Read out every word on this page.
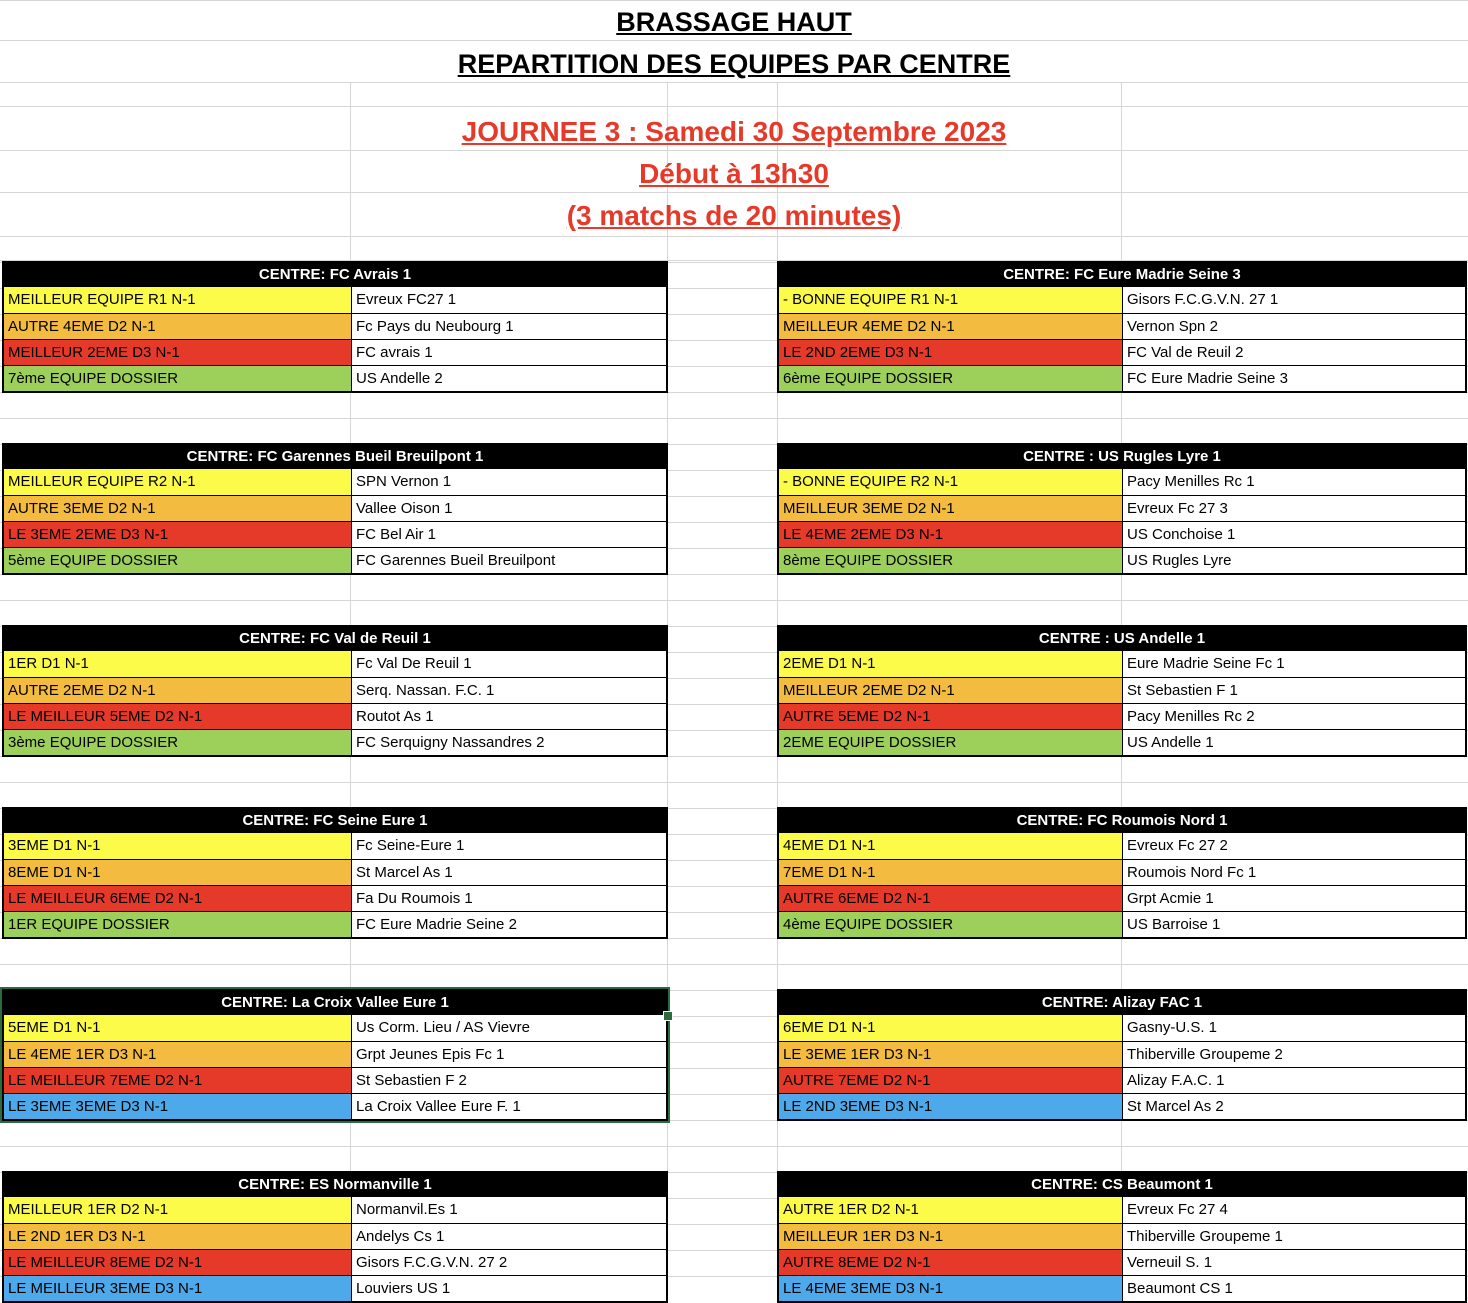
BRASSAGE HAUT
REPARTITION DES EQUIPES PAR CENTRE
JOURNEE 3 : Samedi 30 Septembre 2023
Début à 13h30
(3 matchs de 20 minutes)
CENTRE: FC Avrais 1
MEILLEUR EQUIPE R1 N-1	Evreux FC27 1
AUTRE 4EME D2 N-1	Fc Pays du Neubourg 1
MEILLEUR 2EME D3 N-1	FC avrais 1
7ème EQUIPE DOSSIER	US Andelle 2
CENTRE: FC Eure Madrie Seine 3
- BONNE EQUIPE R1 N-1	Gisors F.C.G.V.N. 27 1
MEILLEUR 4EME D2 N-1	Vernon Spn 2
LE 2ND 2EME D3 N-1	FC Val de Reuil 2
6ème EQUIPE DOSSIER	FC Eure Madrie Seine 3
CENTRE: FC Garennes Bueil Breuilpont 1
MEILLEUR EQUIPE R2 N-1	SPN Vernon 1
AUTRE 3EME D2 N-1	Vallee Oison 1
LE 3EME 2EME D3 N-1	FC Bel Air 1
5ème EQUIPE DOSSIER	FC Garennes Bueil Breuilpont
CENTRE : US Rugles Lyre 1
- BONNE EQUIPE R2 N-1	Pacy Menilles Rc 1
MEILLEUR 3EME D2 N-1	Evreux Fc 27 3
LE 4EME 2EME D3 N-1	US Conchoise 1
8ème EQUIPE DOSSIER	US Rugles Lyre
CENTRE: FC Val de Reuil 1
1ER D1 N-1	Fc Val De Reuil 1
AUTRE 2EME D2 N-1	Serq. Nassan. F.C. 1
LE MEILLEUR 5EME D2 N-1	Routot As 1
3ème EQUIPE DOSSIER	FC Serquigny Nassandres 2
CENTRE : US Andelle 1
2EME D1 N-1	Eure Madrie Seine Fc 1
MEILLEUR 2EME D2 N-1	St Sebastien F 1
AUTRE 5EME D2 N-1	Pacy Menilles Rc 2
2EME EQUIPE DOSSIER	US Andelle 1
CENTRE: FC Seine Eure 1
3EME D1 N-1	Fc Seine-Eure 1
8EME D1 N-1	St Marcel As 1
LE MEILLEUR 6EME D2 N-1	Fa Du Roumois 1
1ER EQUIPE DOSSIER	FC Eure Madrie Seine 2
CENTRE: FC Roumois Nord 1
4EME D1 N-1	Evreux Fc 27 2
7EME D1 N-1	Roumois Nord Fc 1
AUTRE 6EME D2 N-1	Grpt Acmie 1
4ème EQUIPE DOSSIER	US Barroise 1
CENTRE: La Croix Vallee Eure 1
5EME D1 N-1	Us Corm. Lieu / AS Vievre
LE 4EME 1ER D3 N-1	Grpt Jeunes Epis Fc 1
LE MEILLEUR 7EME D2 N-1	St Sebastien F 2
LE 3EME 3EME D3 N-1	La Croix Vallee Eure F. 1
CENTRE: Alizay FAC 1
6EME D1 N-1	Gasny-U.S. 1
LE 3EME 1ER D3 N-1	Thiberville Groupeme 2
AUTRE 7EME D2 N-1	Alizay F.A.C. 1
LE 2ND 3EME D3 N-1	St Marcel As 2
CENTRE: ES Normanville 1
MEILLEUR 1ER D2 N-1	Normanvil.Es 1
LE 2ND 1ER D3 N-1	Andelys Cs 1
LE MEILLEUR 8EME D2 N-1	Gisors F.C.G.V.N. 27 2
LE MEILLEUR 3EME D3 N-1	Louviers US 1
CENTRE: CS Beaumont 1
AUTRE 1ER D2 N-1	Evreux Fc 27 4
MEILLEUR 1ER D3 N-1	Thiberville Groupeme 1
AUTRE 8EME D2 N-1	Verneuil S. 1
LE 4EME 3EME D3 N-1	Beaumont CS 1
